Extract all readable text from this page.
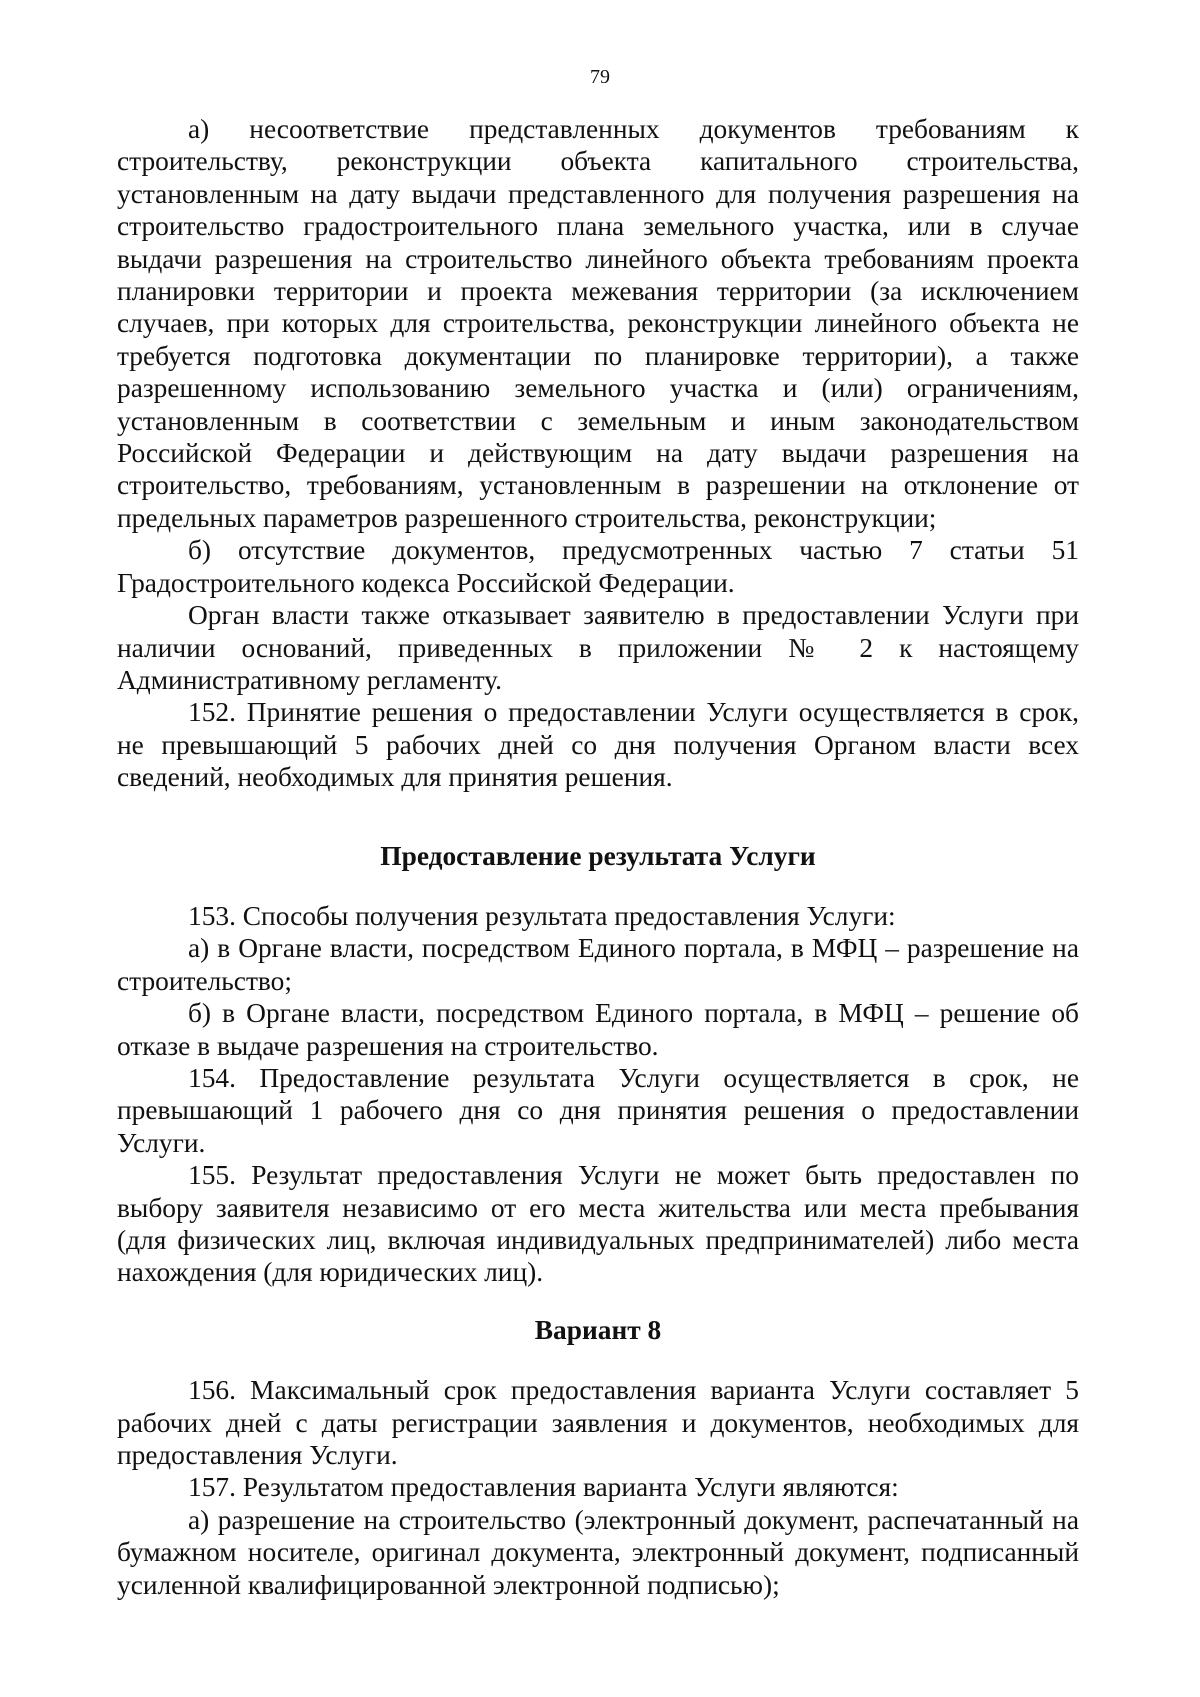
79

а) несоответствие представленных документов требованиям к строительству, реконструкции объекта капитального строительства, установленным на дату выдачи представленного для получения разрешения на строительство градостроительного плана земельного участка, или в случае выдачи разрешения на строительство линейного объекта требованиям проекта планировки территории и проекта межевания территории (за исключением случаев, при которых для строительства, реконструкции линейного объекта не требуется подготовка документации по планировке территории), а также разрешенному использованию земельного участка и (или) ограничениям, установленным в соответствии с земельным и иным законодательством Российской Федерации и действующим на дату выдачи разрешения на строительство, требованиям, установленным в разрешении на отклонение от предельных параметров разрешенного строительства, реконструкции;

б) отсутствие документов, предусмотренных частью 7 статьи 51 Градостроительного кодекса Российской Федерации.

Орган власти также отказывает заявителю в предоставлении Услуги при наличии оснований, приведенных в приложении № 2 к настоящему Административному регламенту.

152. Принятие решения о предоставлении Услуги осуществляется в срок, не превышающий 5 рабочих дней со дня получения Органом власти всех сведений, необходимых для принятия решения.

Предоставление результата Услуги

153. Способы получения результата предоставления Услуги:

а) в Органе власти, посредством Единого портала, в МФЦ – разрешение на строительство;

б) в Органе власти, посредством Единого портала, в МФЦ – решение об отказе в выдаче разрешения на строительство.

154. Предоставление результата Услуги осуществляется в срок, не превышающий 1 рабочего дня со дня принятия решения о предоставлении Услуги.

155. Результат предоставления Услуги не может быть предоставлен по выбору заявителя независимо от его места жительства или места пребывания (для физических лиц, включая индивидуальных предпринимателей) либо места нахождения (для юридических лиц).

Вариант 8

156. Максимальный срок предоставления варианта Услуги составляет 5 рабочих дней с даты регистрации заявления и документов, необходимых для предоставления Услуги.

157. Результатом предоставления варианта Услуги являются:

а) разрешение на строительство (электронный документ, распечатанный на бумажном носителе, оригинал документа, электронный документ, подписанный усиленной квалифицированной электронной подписью);
